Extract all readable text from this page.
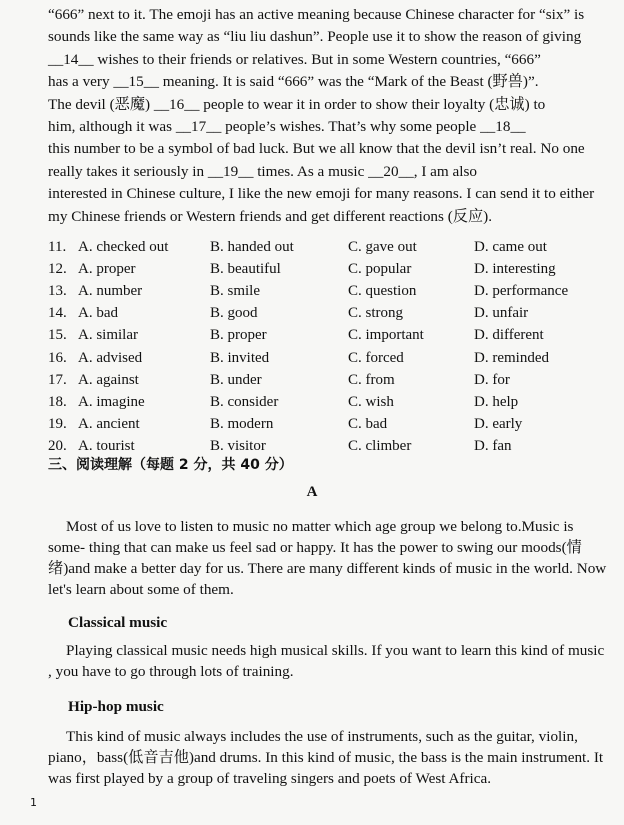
“666” next to it. The emoji has an active meaning because Chinese character for “six” is

sounds like the same way as “liu liu dashun”. People use it to show the reason of giving

__14__ wishes to their friends or relatives. But in some Western countries, “666”

has a very __15__ meaning. It is said “666” was the “Mark of the Beast (野兽)”.

The devil (恶魔) __16__ people to wear it in order to show their loyalty (忠诚) to

him, although it was __17__ people’s wishes. That’s why some people __18__

this number to be a symbol of bad luck. But we all know that the devil isn’t real. No one

really takes it seriously in __19__ times. As a music __20__, I am also

interested in Chinese culture, I like the new emoji for many reasons. I can send it to either

my Chinese friends or Western friends and get different reactions (反应).

11. A. checked out	B. handed out	C. gave out	D. came out
12. A. proper	B. beautiful	C. popular	D. interesting
13. A. number	B. smile	C. question	D. performance
14. A. bad	B. good	C. strong	D. unfair
15. A. similar	B. proper	C. important	D. different
16. A. advised	B. invited	C. forced	D. reminded
17. A. against	B. under	C. from	D. for
18. A. imagine	B. consider	C. wish	D. help
19. A. ancient	B. modern	C. bad	D. early
20. A. tourist	B. visitor	C. climber	D. fan
三、阅读理解（每题 2 分，共 40 分）
A

Most of us love to listen to music no matter which age group we belong to.Music is some- thing that can make us feel sad or happy. It has the power to swing our moods(情绪)and make a better day for us. There are many different kinds of music in the world. Now let's learn about some of them.

Classical music

Playing classical music needs high musical skills. If you want to learn this kind of music , you have to go through lots of training.

Hip-hop music

This kind of music always includes the use of instruments, such as the guitar, violin, piano，bass(低音吉他)and drums. In this kind of music, the bass is the main instrument. It was first played by a group of traveling singers and poets of West Africa.

1
